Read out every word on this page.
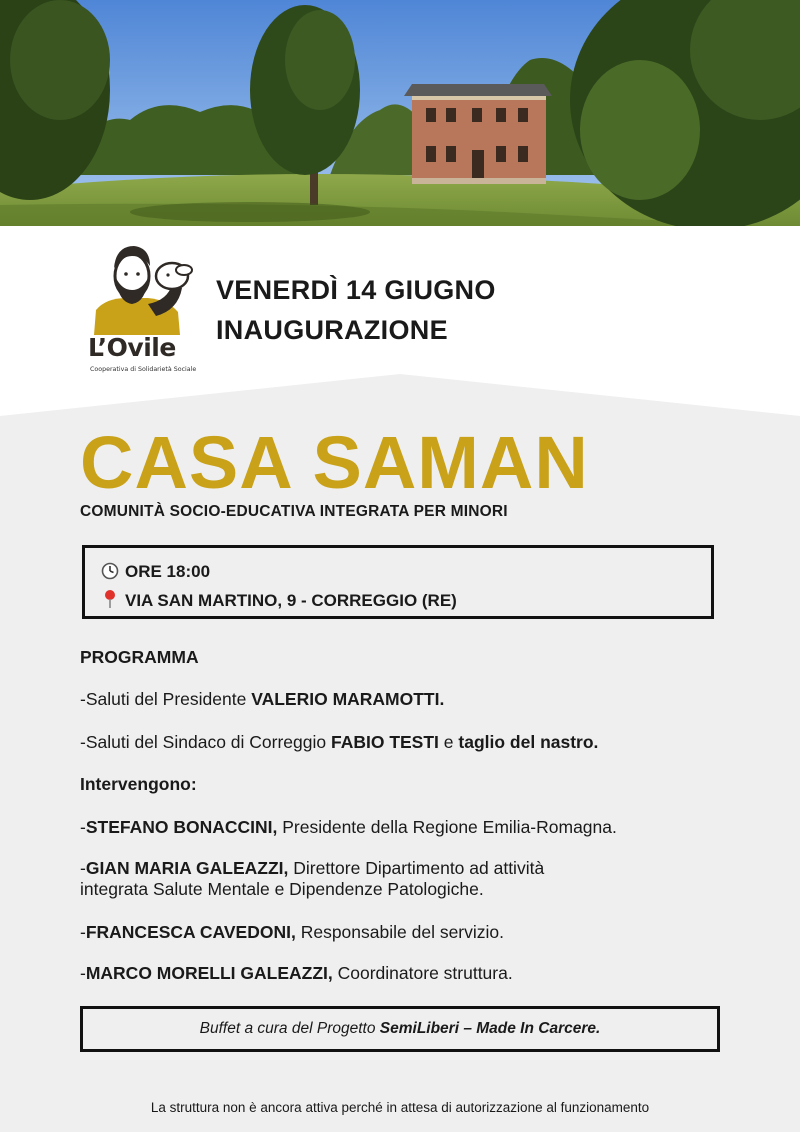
L’Ovile
Cooperativa di Solidarietà Sociale
VENERDÌ 14 GIUGNO
INAUGURAZIONE
CASA SAMAN
COMUNITÀ SOCIO-EDUCATIVA INTEGRATA PER MINORI
ORE 18:00
VIA SAN MARTINO, 9 - CORREGGIO (RE)
PROGRAMMA
-Saluti del Presidente VALERIO MARAMOTTI.
-Saluti del Sindaco di Correggio FABIO TESTI e taglio del nastro.
Intervengono:
-STEFANO BONACCINI, Presidente della Regione Emilia-Romagna.
-GIAN MARIA GALEAZZI, Direttore Dipartimento ad attività
integrata Salute Mentale e Dipendenze Patologiche.
-FRANCESCA CAVEDONI, Responsabile del servizio.
-MARCO MORELLI GALEAZZI, Coordinatore struttura.
Buffet a cura del Progetto SemiLiberi – Made In Carcere.
La struttura non è ancora attiva perché in attesa di autorizzazione al funzionamento
